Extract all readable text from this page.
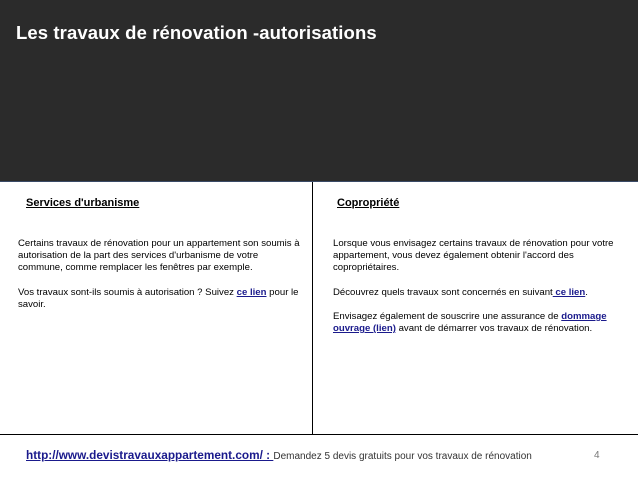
Les travaux de rénovation -autorisations
Services d'urbanisme

Certains travaux de rénovation pour un appartement son soumis à autorisation de la part des services d'urbanisme de votre commune, comme remplacer les fenêtres par exemple.

Vos travaux sont-ils soumis à autorisation ? Suivez ce lien pour le savoir.

Copropriété

Lorsque vous envisagez certains travaux de rénovation pour votre appartement, vous devez également obtenir l'accord des copropriétaires.

Découvrez quels travaux sont concernés en suivant ce lien.

Envisagez également de souscrire une assurance de dommage ouvrage (lien) avant de démarrer vos travaux de rénovation.

http://www.devistravauxappartement.com/ : Demandez 5 devis gratuits pour vos travaux de rénovation	4
